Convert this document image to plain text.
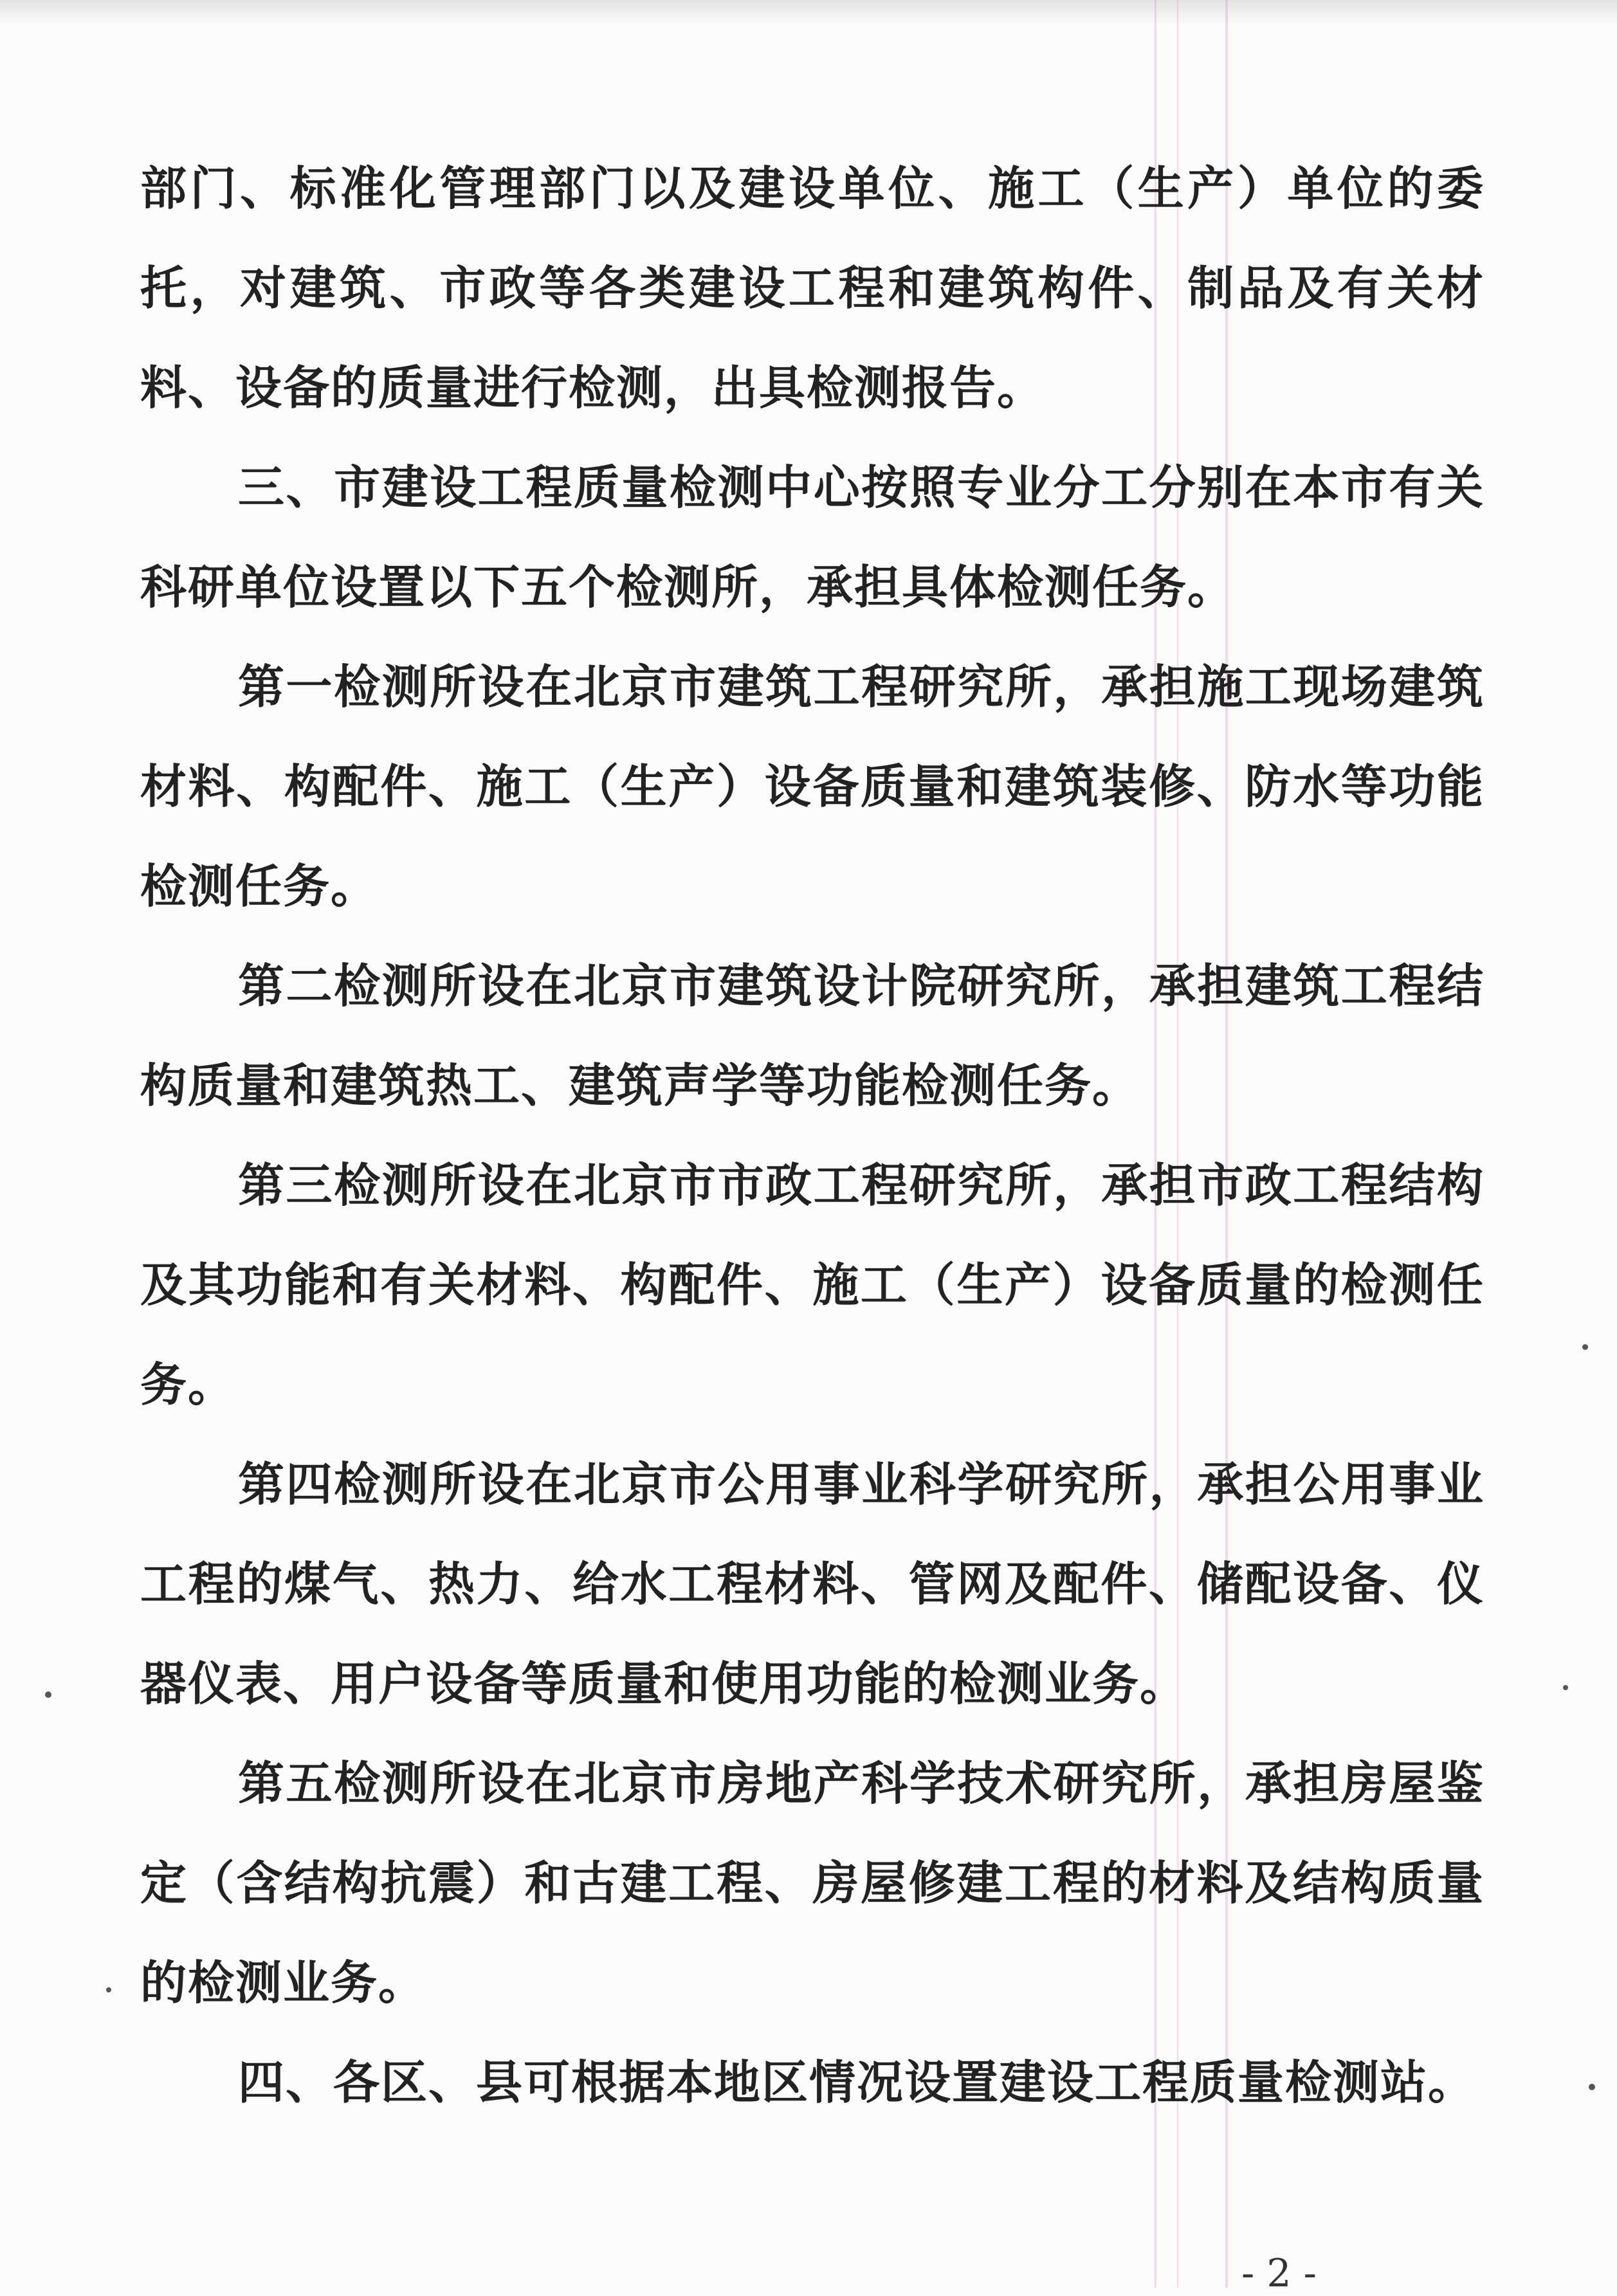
部门、标准化管理部门以及建设单位、施工（生产）单位的委托，对建筑、市政等各类建设工程和建筑构件、制品及有关材料、设备的质量进行检测，出具检测报告。

三、市建设工程质量检测中心按照专业分工分别在本市有关科研单位设置以下五个检测所，承担具体检测任务。

第一检测所设在北京市建筑工程研究所，承担施工现场建筑材料、构配件、施工（生产）设备质量和建筑装修、防水等功能检测任务。

第二检测所设在北京市建筑设计院研究所，承担建筑工程结构质量和建筑热工、建筑声学等功能检测任务。

第三检测所设在北京市市政工程研究所，承担市政工程结构及其功能和有关材料、构配件、施工（生产）设备质量的检测任务。

第四检测所设在北京市公用事业科学研究所，承担公用事业工程的煤气、热力、给水工程材料、管网及配件、储配设备、仪器仪表、用户设备等质量和使用功能的检测业务。

第五检测所设在北京市房地产科学技术研究所，承担房屋鉴定（含结构抗震）和古建工程、房屋修建工程的材料及结构质量的检测业务。

四、各区、县可根据本地区情况设置建设工程质量检测站。

- 2 -
